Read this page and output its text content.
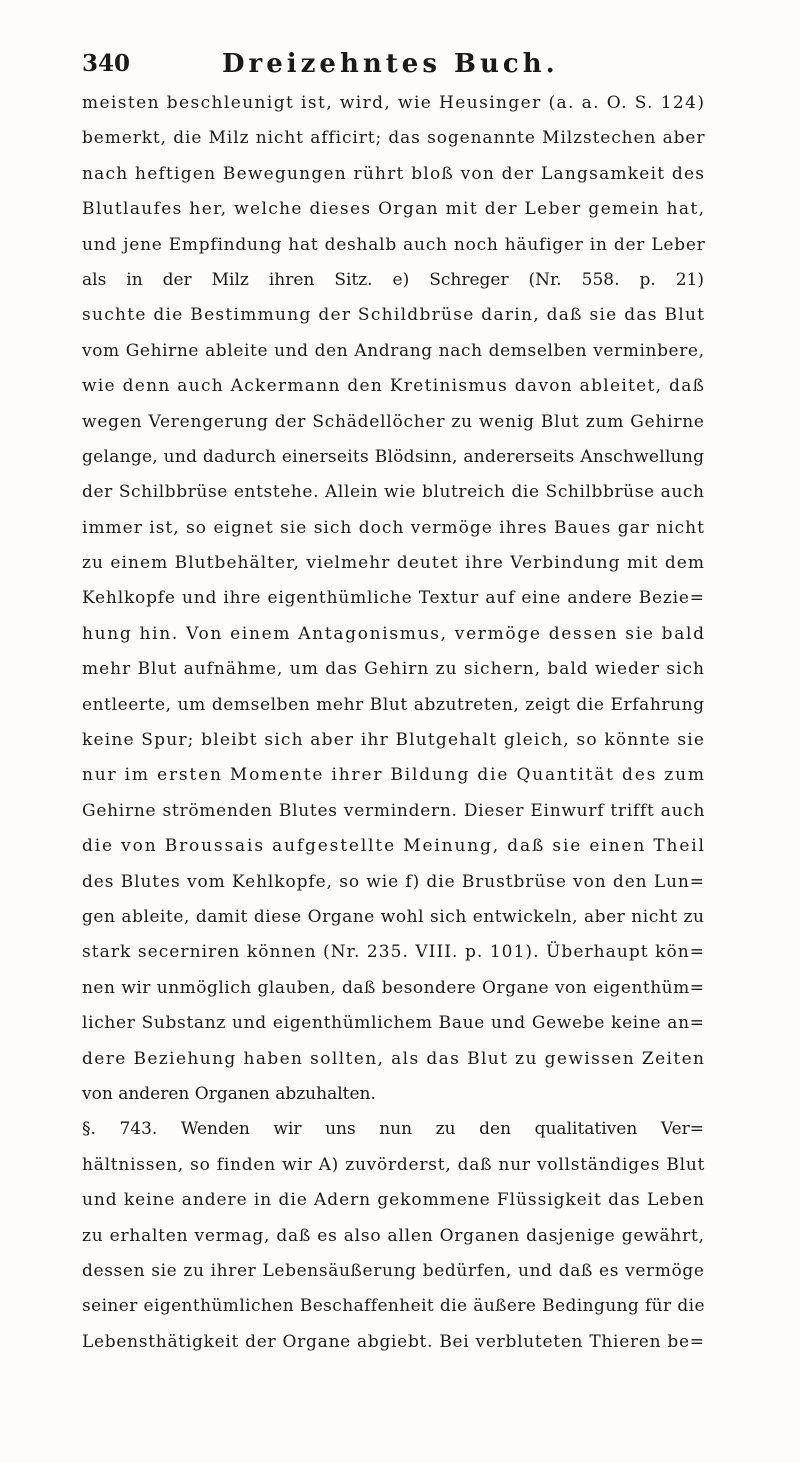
340	Dreizehntes Buch.
meisten beschleunigt ist, wird, wie Heusinger (a. a. O. S. 124)
bemerkt, die Milz nicht afficirt; das sogenannte Milzstechen aber
nach heftigen Bewegungen rührt bloß von der Langsamkeit des
Blutlaufes her, welche dieses Organ mit der Leber gemein hat,
und jene Empfindung hat deshalb auch noch häufiger in der Leber
als in der Milz ihren Sitz. e) Schreger (Nr. 558. p. 21)
suchte die Bestimmung der Schildbrüse darin, daß sie das Blut
vom Gehirne ableite und den Andrang nach demselben verminbere,
wie denn auch Ackermann den Kretinismus davon ableitet, daß
wegen Verengerung der Schädellöcher zu wenig Blut zum Gehirne
gelange, und dadurch einerseits Blödsinn, andererseits Anschwellung
der Schilbbrüse entstehe. Allein wie blutreich die Schilbbrüse auch
immer ist, so eignet sie sich doch vermöge ihres Baues gar nicht
zu einem Blutbehälter, vielmehr deutet ihre Verbindung mit dem
Kehlkopfe und ihre eigenthümliche Textur auf eine andere Bezie=
hung hin. Von einem Antagonismus, vermöge dessen sie bald
mehr Blut aufnähme, um das Gehirn zu sichern, bald wieder sich
entleerte, um demselben mehr Blut abzutreten, zeigt die Erfahrung
keine Spur; bleibt sich aber ihr Blutgehalt gleich, so könnte sie
nur im ersten Momente ihrer Bildung die Quantität des zum
Gehirne strömenden Blutes vermindern. Dieser Einwurf trifft auch
die von Broussais aufgestellte Meinung, daß sie einen Theil
des Blutes vom Kehlkopfe, so wie f) die Brustbrüse von den Lun=
gen ableite, damit diese Organe wohl sich entwickeln, aber nicht zu
stark secerniren können (Nr. 235. VIII. p. 101). Überhaupt kön=
nen wir unmöglich glauben, daß besondere Organe von eigenthüm=
licher Substanz und eigenthümlichem Baue und Gewebe keine an=
dere Beziehung haben sollten, als das Blut zu gewissen Zeiten
von anderen Organen abzuhalten.
§. 743. Wenden wir uns nun zu den qualitativen Ver=
hältnissen, so finden wir A) zuvörderst, daß nur vollständiges Blut
und keine andere in die Adern gekommene Flüssigkeit das Leben
zu erhalten vermag, daß es also allen Organen dasjenige gewährt,
dessen sie zu ihrer Lebensäußerung bedürfen, und daß es vermöge
seiner eigenthümlichen Beschaffenheit die äußere Bedingung für die
Lebensthätigkeit der Organe abgiebt. Bei verbluteten Thieren be=
